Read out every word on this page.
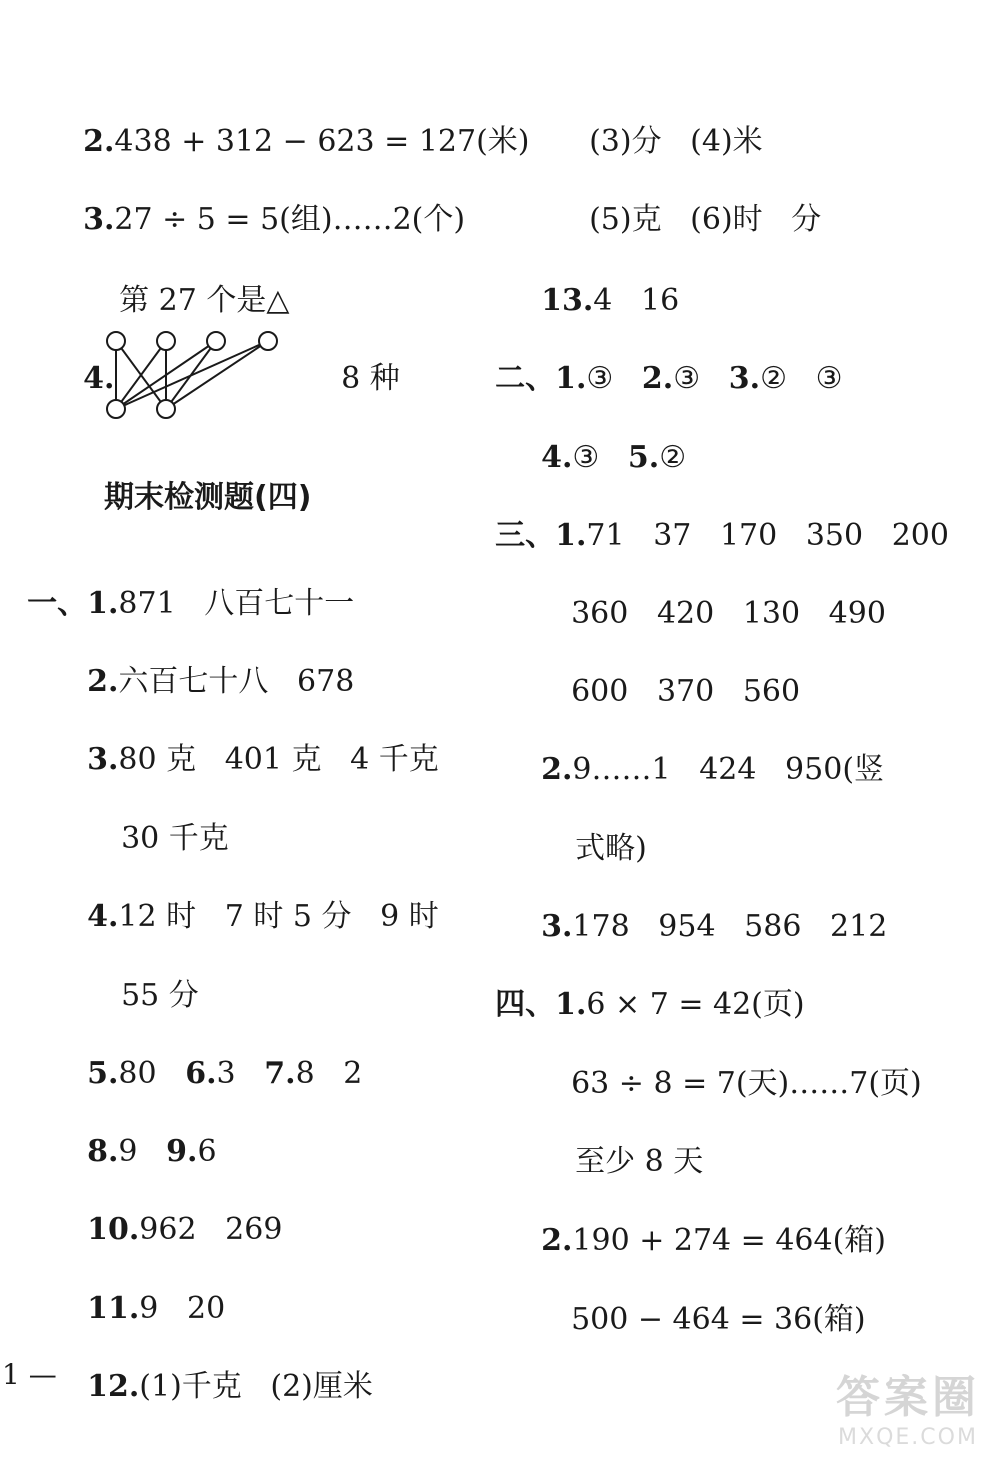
2.438 + 312 − 623 = 127(米)

3.27 ÷ 5 = 5(组)……2(个)

第 27 个是△

4.	8 种

期末检测题(四)

一、1.871   八百七十一

2.六百七十八   678

3.80 克   401 克   4 千克

30 千克

4.12 时   7 时 5 分   9 时

55 分

5.80 6.3 7.8   2

8.9 9.6

10.962   269

11.9   20

12.(1)千克   (2)厘米

1 —

(3)分   (4)米

(5)克   (6)时   分

13.4   16

二、1.③ 2.③ 3.②   ③

4.③ 5.②

三、1.71   37   170   350   200

360   420   130   490

600   370   560

2.9……1   424   950(竖

式略)

3.178   954   586   212

四、1.6 × 7 = 42(页)

63 ÷ 8 = 7(天)……7(页)

至少 8 天

2.190 + 274 = 464(箱)

500 − 464 = 36(箱)

答案圈
MXQE.COM
